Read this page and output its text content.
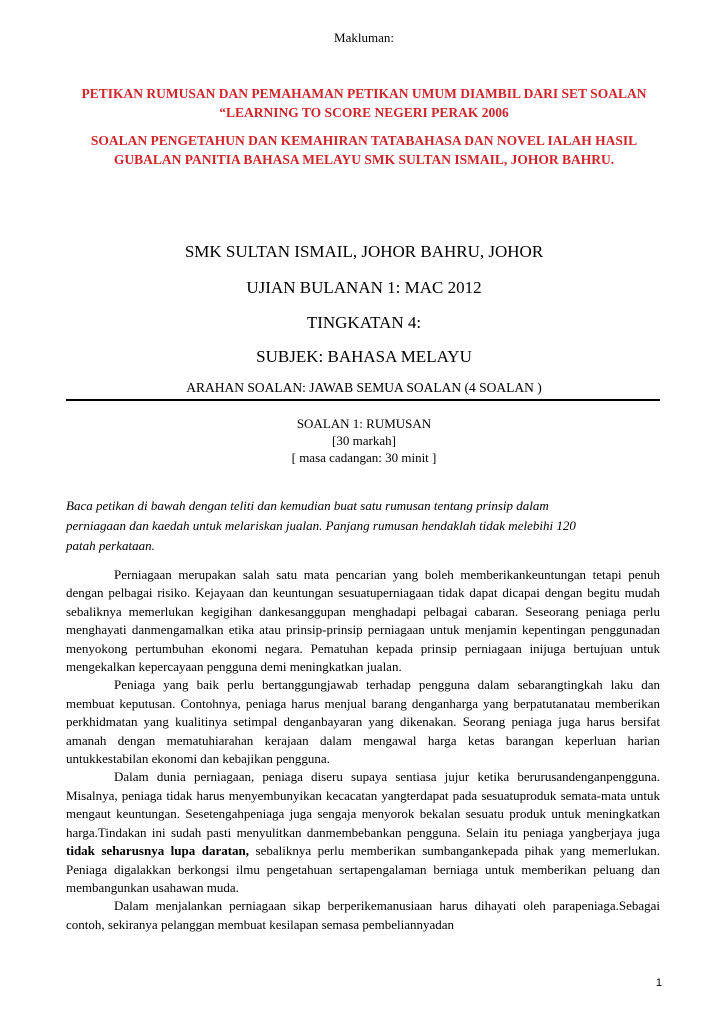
Makluman:
PETIKAN RUMUSAN DAN PEMAHAMAN PETIKAN UMUM DIAMBIL DARI SET SOALAN “LEARNING TO SCORE NEGERI PERAK 2006
SOALAN PENGETAHUN DAN KEMAHIRAN TATABAHASA DAN NOVEL IALAH HASIL GUBALAN PANITIA BAHASA MELAYU SMK SULTAN ISMAIL, JOHOR BAHRU.
SMK SULTAN ISMAIL, JOHOR BAHRU, JOHOR
UJIAN BULANAN 1: MAC 2012
TINGKATAN 4:
SUBJEK: BAHASA MELAYU
ARAHAN SOALAN: JAWAB SEMUA SOALAN (4 SOALAN )
SOALAN 1: RUMUSAN
[30 markah]
[ masa cadangan: 30 minit ]
Baca petikan di bawah dengan teliti dan kemudian buat satu rumusan tentang prinsip dalam perniagaan dan kaedah untuk melariskan jualan. Panjang rumusan hendaklah tidak melebihi 120 patah perkataan.

Perniagaan merupakan salah satu mata pencarian yang boleh memberikankeuntungan tetapi penuh dengan pelbagai risiko. Kejayaan dan keuntungan sesuatuperniagaan tidak dapat dicapai dengan begitu mudah sebaliknya memerlukan kegigihan dankesanggupan menghadapi pelbagai cabaran. Seseorang peniaga perlu menghayati danmengamalkan etika atau prinsip-prinsip perniagaan untuk menjamin kepentingan penggunadan menyokong pertumbuhan ekonomi negara. Pematuhan kepada prinsip perniagaan inijuga bertujuan untuk mengekalkan kepercayaan pengguna demi meningkatkan jualan.

Peniaga yang baik perlu bertanggungjawab terhadap pengguna dalam sebarangtingkah laku dan membuat keputusan. Contohnya, peniaga harus menjual barang denganharga yang berpatutanatau memberikan perkhidmatan yang kualitinya setimpal denganbayaran yang dikenakan. Seorang peniaga juga harus bersifat amanah dengan mematuhiarahan kerajaan dalam mengawal harga ketas barangan keperluan harian untukkestabilan ekonomi dan kebajikan pengguna.

Dalam dunia perniagaan, peniaga diseru supaya sentiasa jujur ketika berurusandenganpengguna. Misalnya, peniaga tidak harus menyembunyikan kecacatan yangterdapat pada sesuatuproduk semata-mata untuk mengaut keuntungan. Sesetengahpeniaga juga sengaja menyorok bekalan sesuatu produk untuk meningkatkan harga.Tindakan ini sudah pasti menyulitkan danmembebankan pengguna. Selain itu peniaga yangberjaya juga tidak seharusnya lupa daratan, sebaliknya perlu memberikan sumbangankepada pihak yang memerlukan. Peniaga digalakkan berkongsi ilmu pengetahuan sertapengalaman berniaga untuk memberikan peluang dan membangunkan usahawan muda.

Dalam menjalankan perniagaan sikap berperikemanusiaan harus dihayati oleh parapeniaga.Sebagai contoh, sekiranya pelanggan membuat kesilapan semasa pembeliannyadan

1
